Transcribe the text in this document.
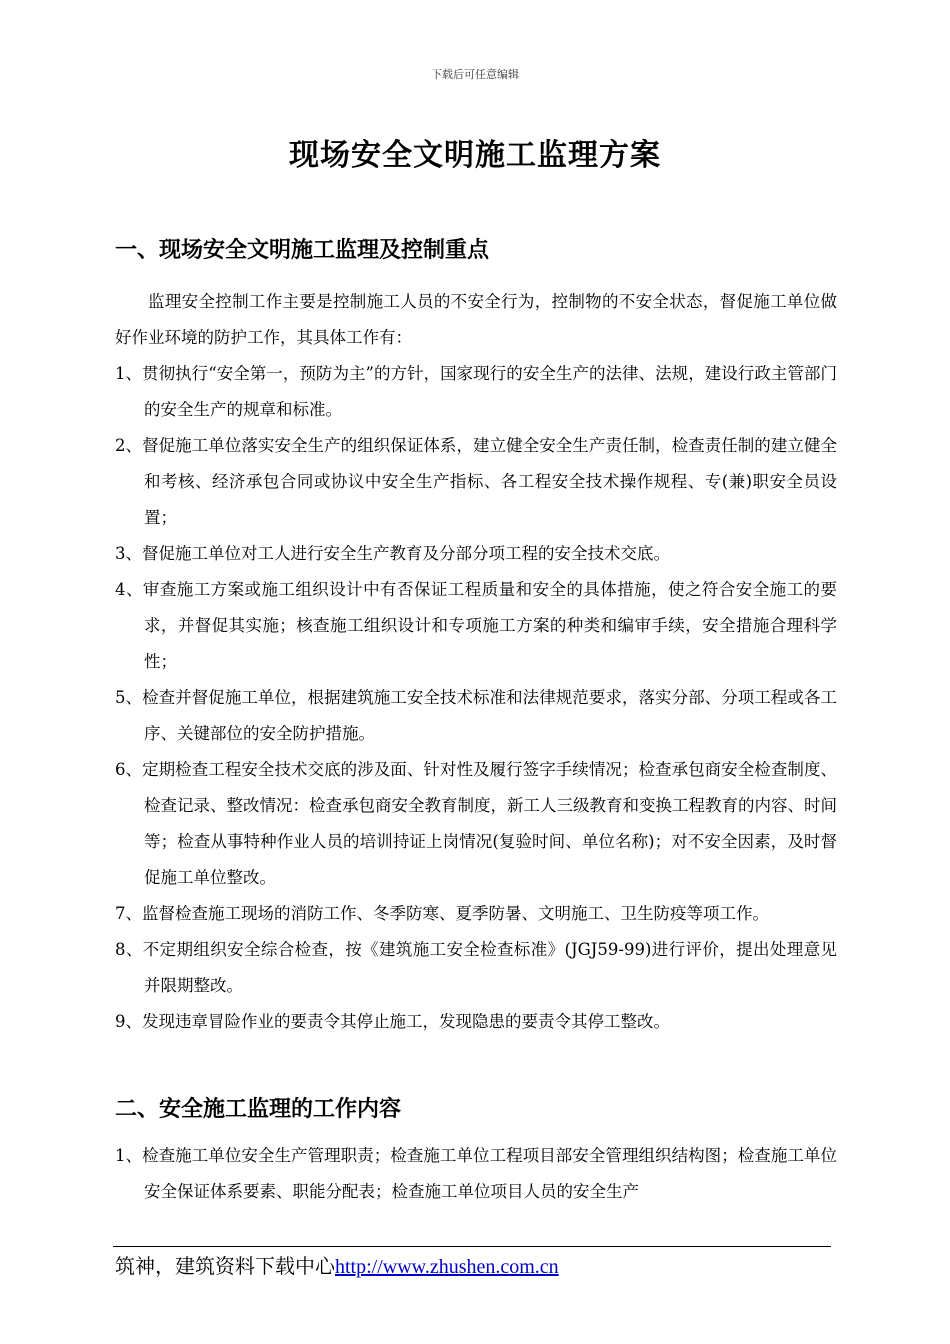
下载后可任意编辑
现场安全文明施工监理方案
一、现场安全文明施工监理及控制重点
监理安全控制工作主要是控制施工人员的不安全行为，控制物的不安全状态，督促施工单位做好作业环境的防护工作，其具体工作有：
1、贯彻执行“安全第一，预防为主”的方针，国家现行的安全生产的法律、法规，建设行政主管部门的安全生产的规章和标准。
2、督促施工单位落实安全生产的组织保证体系，建立健全安全生产责任制，检查责任制的建立健全和考核、经济承包合同或协议中安全生产指标、各工程安全技术操作规程、专(兼)职安全员设置；
3、督促施工单位对工人进行安全生产教育及分部分项工程的安全技术交底。
4、审查施工方案或施工组织设计中有否保证工程质量和安全的具体措施，使之符合安全施工的要求，并督促其实施；核查施工组织设计和专项施工方案的种类和编审手续，安全措施合理科学性；
5、检查并督促施工单位，根据建筑施工安全技术标准和法律规范要求，落实分部、分项工程或各工序、关键部位的安全防护措施。
6、定期检查工程安全技术交底的涉及面、针对性及履行签字手续情况；检查承包商安全检查制度、检查记录、整改情况：检查承包商安全教育制度，新工人三级教育和变换工程教育的内容、时间等；检查从事特种作业人员的培训持证上岗情况(复验时间、单位名称)；对不安全因素，及时督促施工单位整改。
7、监督检查施工现场的消防工作、冬季防寒、夏季防暑、文明施工、卫生防疫等项工作。
8、不定期组织安全综合检查，按《建筑施工安全检查标准》(JGJ59-99)进行评价，提出处理意见并限期整改。
9、发现违章冒险作业的要责令其停止施工，发现隐患的要责令其停工整改。
二、安全施工监理的工作内容
1、检查施工单位安全生产管理职责；检查施工单位工程项目部安全管理组织结构图；检查施工单位安全保证体系要素、职能分配表；检查施工单位项目人员的安全生产
筑神，建筑资料下载中心http://www.zhushen.com.cn
